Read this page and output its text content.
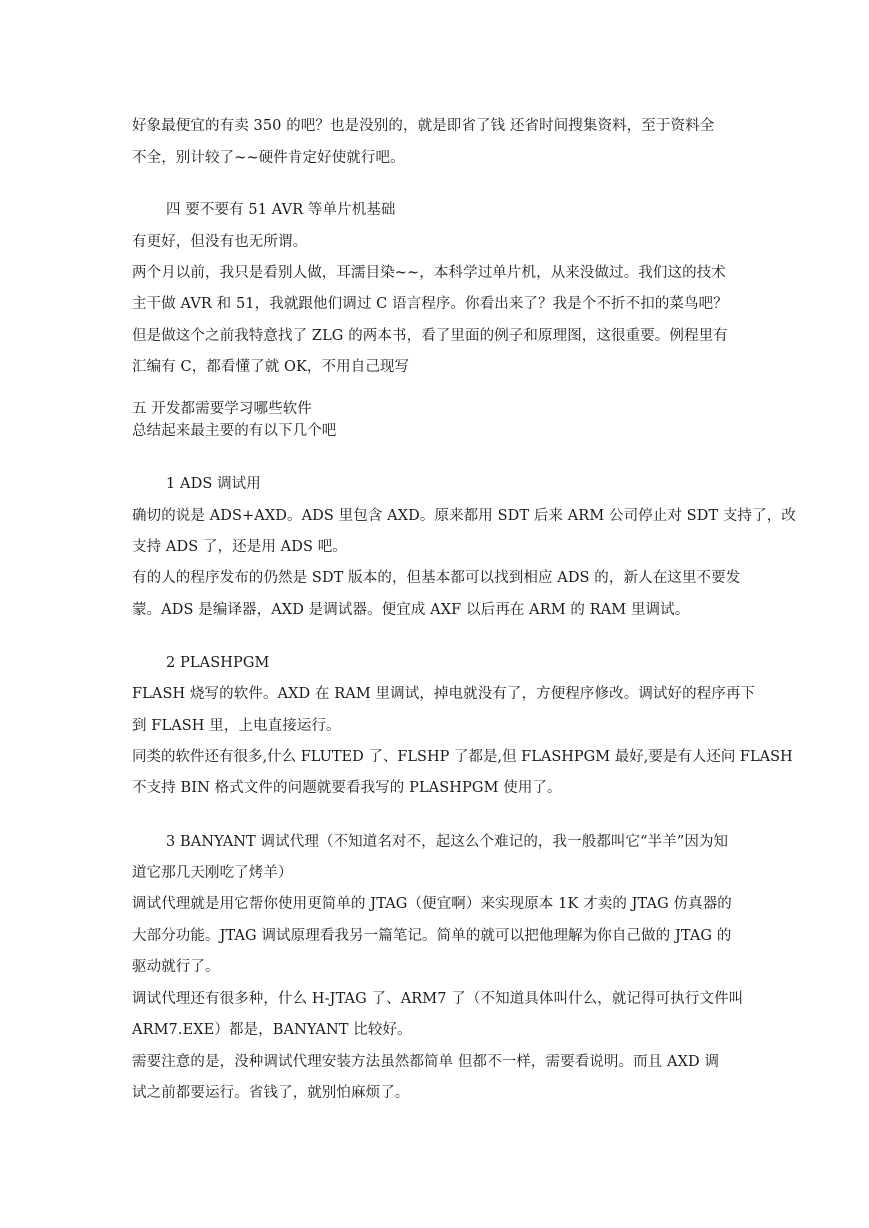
好象最便宜的有卖 350 的吧？也是没别的，就是即省了钱 还省时间搜集资料，至于资料全
不全，别计较了~~硬件肯定好使就行吧。
四 要不要有 51 AVR 等单片机基础
有更好，但没有也无所谓。
两个月以前，我只是看别人做，耳濡目染~~，本科学过单片机，从来没做过。我们这的技术
主干做 AVR 和 51，我就跟他们调过 C 语言程序。你看出来了？我是个不折不扣的菜鸟吧？
但是做这个之前我特意找了 ZLG 的两本书，看了里面的例子和原理图，这很重要。例程里有
汇编有 C，都看懂了就 OK，不用自己现写
五 开发都需要学习哪些软件
总结起来最主要的有以下几个吧
1 ADS 调试用
确切的说是 ADS+AXD。ADS 里包含 AXD。原来都用 SDT 后来 ARM 公司停止对 SDT 支持了，改
支持 ADS 了，还是用 ADS 吧。
有的人的程序发布的仍然是 SDT 版本的，但基本都可以找到相应 ADS 的，新人在这里不要发
蒙。ADS 是编译器，AXD 是调试器。便宜成 AXF 以后再在 ARM 的 RAM 里调试。
2 PLASHPGM
FLASH 烧写的软件。AXD 在 RAM 里调试，掉电就没有了，方便程序修改。调试好的程序再下
到 FLASH 里，上电直接运行。
同类的软件还有很多,什么 FLUTED 了、FLSHP 了都是,但 FLASHPGM 最好,要是有人还问 FLASH
不支持 BIN 格式文件的问题就要看我写的 PLASHPGM 使用了。
3 BANYANT 调试代理（不知道名对不，起这么个难记的，我一般都叫它“半羊”因为知
道它那几天刚吃了烤羊）
调试代理就是用它帮你使用更简单的 JTAG（便宜啊）来实现原本 1K 才卖的 JTAG 仿真器的
大部分功能。JTAG 调试原理看我另一篇笔记。简单的就可以把他理解为你自己做的 JTAG 的
驱动就行了。
调试代理还有很多种，什么 H-JTAG 了、ARM7 了（不知道具体叫什么，就记得可执行文件叫
ARM7.EXE）都是，BANYANT 比较好。
需要注意的是，没种调试代理安装方法虽然都简单 但都不一样，需要看说明。而且 AXD 调
试之前都要运行。省钱了，就别怕麻烦了。
